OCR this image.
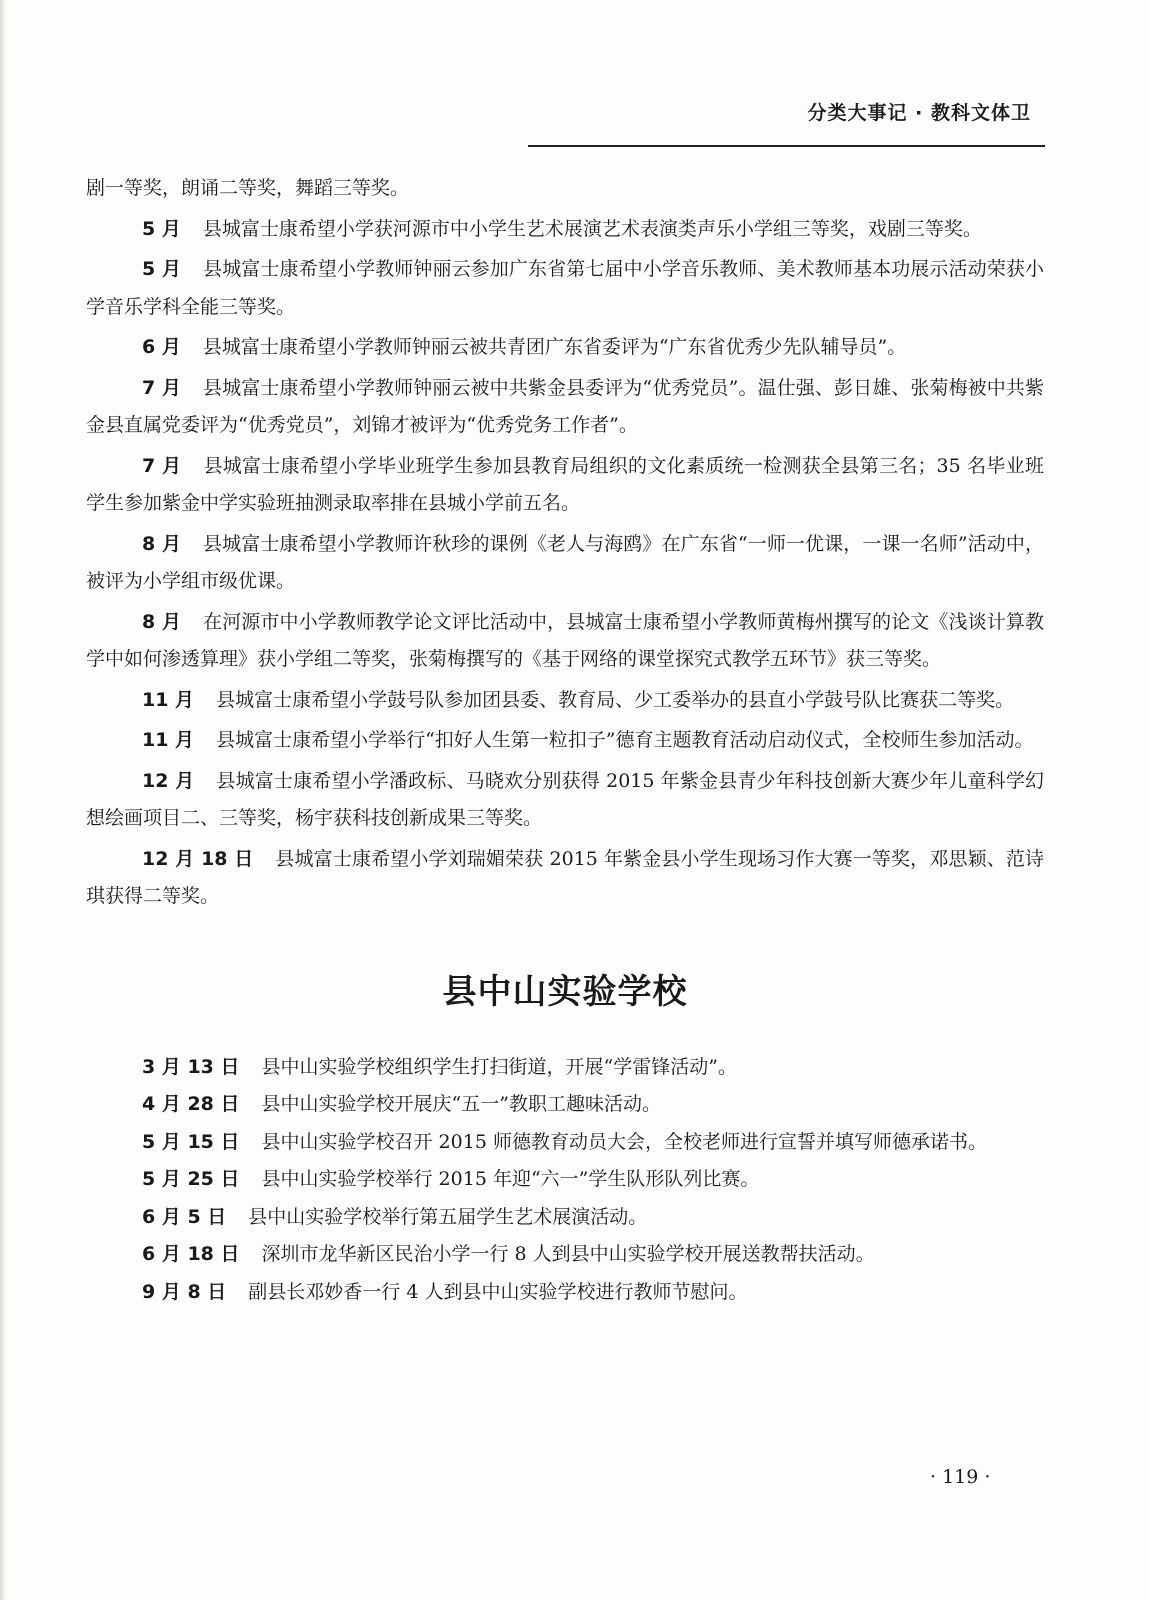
分类大事记 · 教科文体卫

剧一等奖，朗诵二等奖，舞蹈三等奖。

5 月 县城富士康希望小学获河源市中小学生艺术展演艺术表演类声乐小学组三等奖，戏剧三等奖。

5 月 县城富士康希望小学教师钟丽云参加广东省第七届中小学音乐教师、美术教师基本功展示活动荣获小学音乐学科全能三等奖。

6 月 县城富士康希望小学教师钟丽云被共青团广东省委评为“广东省优秀少先队辅导员”。

7 月 县城富士康希望小学教师钟丽云被中共紫金县委评为“优秀党员”。温仕强、彭日雄、张菊梅被中共紫金县直属党委评为“优秀党员”，刘锦才被评为“优秀党务工作者”。

7 月 县城富士康希望小学毕业班学生参加县教育局组织的文化素质统一检测获全县第三名；35 名毕业班学生参加紫金中学实验班抽测录取率排在县城小学前五名。

8 月 县城富士康希望小学教师许秋珍的课例《老人与海鸥》在广东省“一师一优课，一课一名师”活动中，被评为小学组市级优课。

8 月 在河源市中小学教师教学论文评比活动中，县城富士康希望小学教师黄梅州撰写的论文《浅谈计算教学中如何渗透算理》获小学组二等奖，张菊梅撰写的《基于网络的课堂探究式教学五环节》获三等奖。

11 月 县城富士康希望小学鼓号队参加团县委、教育局、少工委举办的县直小学鼓号队比赛获二等奖。

11 月 县城富士康希望小学举行“扣好人生第一粒扣子”德育主题教育活动启动仪式，全校师生参加活动。

12 月 县城富士康希望小学潘政标、马晓欢分别获得 2015 年紫金县青少年科技创新大赛少年儿童科学幻想绘画项目二、三等奖，杨宇获科技创新成果三等奖。

12 月 18 日 县城富士康希望小学刘瑞媚荣获 2015 年紫金县小学生现场习作大赛一等奖，邓思颖、范诗琪获得二等奖。

县中山实验学校

3 月 13 日 县中山实验学校组织学生打扫街道，开展“学雷锋活动”。

4 月 28 日 县中山实验学校开展庆“五一”教职工趣味活动。

5 月 15 日 县中山实验学校召开 2015 师德教育动员大会，全校老师进行宣誓并填写师德承诺书。

5 月 25 日 县中山实验学校举行 2015 年迎“六一”学生队形队列比赛。

6 月 5 日 县中山实验学校举行第五届学生艺术展演活动。

6 月 18 日 深圳市龙华新区民治小学一行 8 人到县中山实验学校开展送教帮扶活动。

9 月 8 日 副县长邓妙香一行 4 人到县中山实验学校进行教师节慰问。

· 119 ·
